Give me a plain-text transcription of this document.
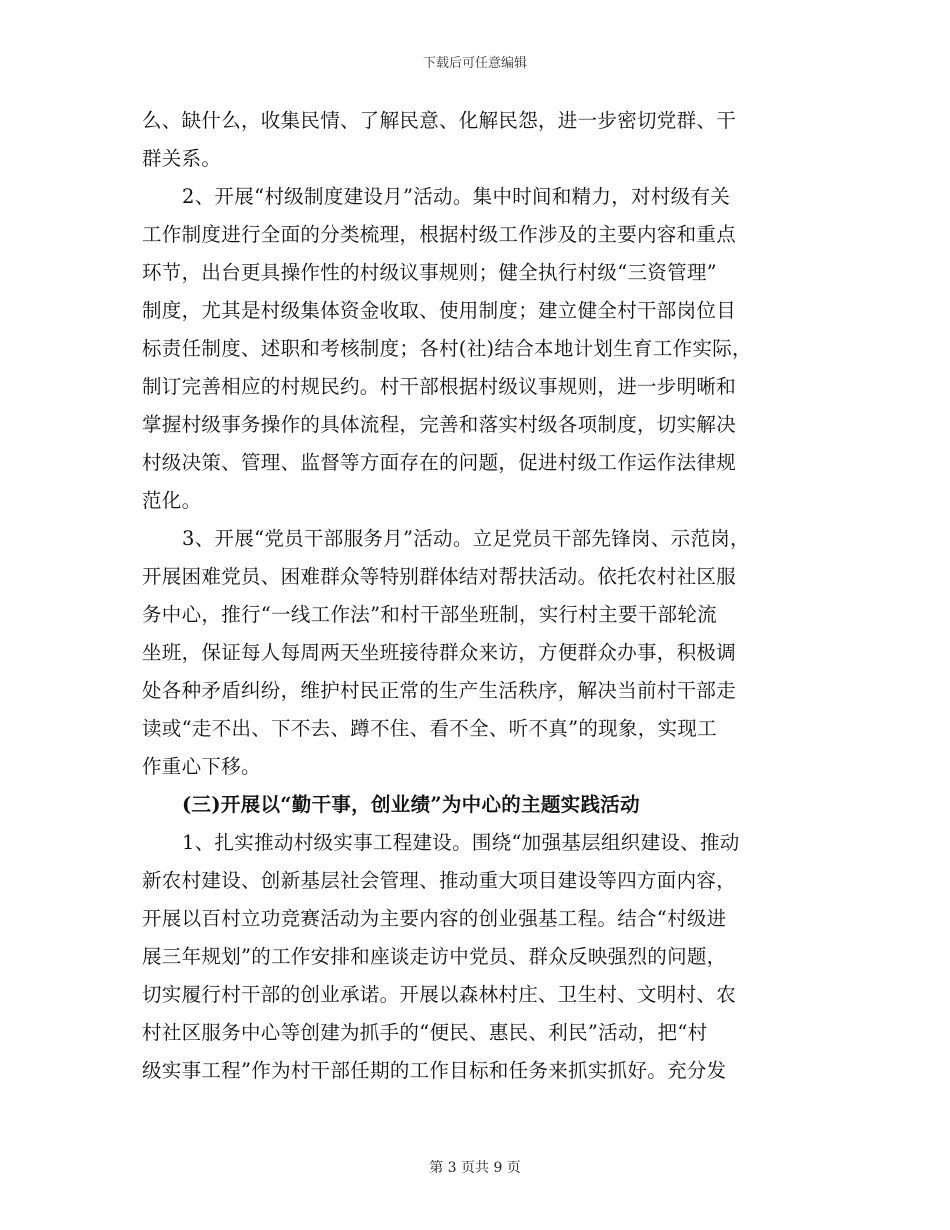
下载后可任意编辑
么、缺什么，收集民情、了解民意、化解民怨，进一步密切党群、干
群关系。
2、开展“村级制度建设月”活动。集中时间和精力，对村级有关
工作制度进行全面的分类梳理，根据村级工作涉及的主要内容和重点
环节，出台更具操作性的村级议事规则；健全执行村级“三资管理”
制度，尤其是村级集体资金收取、使用制度；建立健全村干部岗位目
标责任制度、述职和考核制度；各村(社)结合本地计划生育工作实际，
制订完善相应的村规民约。村干部根据村级议事规则，进一步明晰和
掌握村级事务操作的具体流程，完善和落实村级各项制度，切实解决
村级决策、管理、监督等方面存在的问题，促进村级工作运作法律规
范化。
3、开展“党员干部服务月”活动。立足党员干部先锋岗、示范岗，
开展困难党员、困难群众等特别群体结对帮扶活动。依托农村社区服
务中心，推行“一线工作法”和村干部坐班制，实行村主要干部轮流
坐班，保证每人每周两天坐班接待群众来访，方便群众办事，积极调
处各种矛盾纠纷，维护村民正常的生产生活秩序，解决当前村干部走
读或“走不出、下不去、蹲不住、看不全、听不真”的现象，实现工
作重心下移。
(三)开展以“勤干事，创业绩”为中心的主题实践活动
1、扎实推动村级实事工程建设。围绕“加强基层组织建设、推动
新农村建设、创新基层社会管理、推动重大项目建设等四方面内容，
开展以百村立功竞赛活动为主要内容的创业强基工程。结合“村级进
展三年规划”的工作安排和座谈走访中党员、群众反映强烈的问题，
切实履行村干部的创业承诺。开展以森林村庄、卫生村、文明村、农
村社区服务中心等创建为抓手的“便民、惠民、利民”活动，把“村
级实事工程”作为村干部任期的工作目标和任务来抓实抓好。充分发
第 3 页共 9 页
